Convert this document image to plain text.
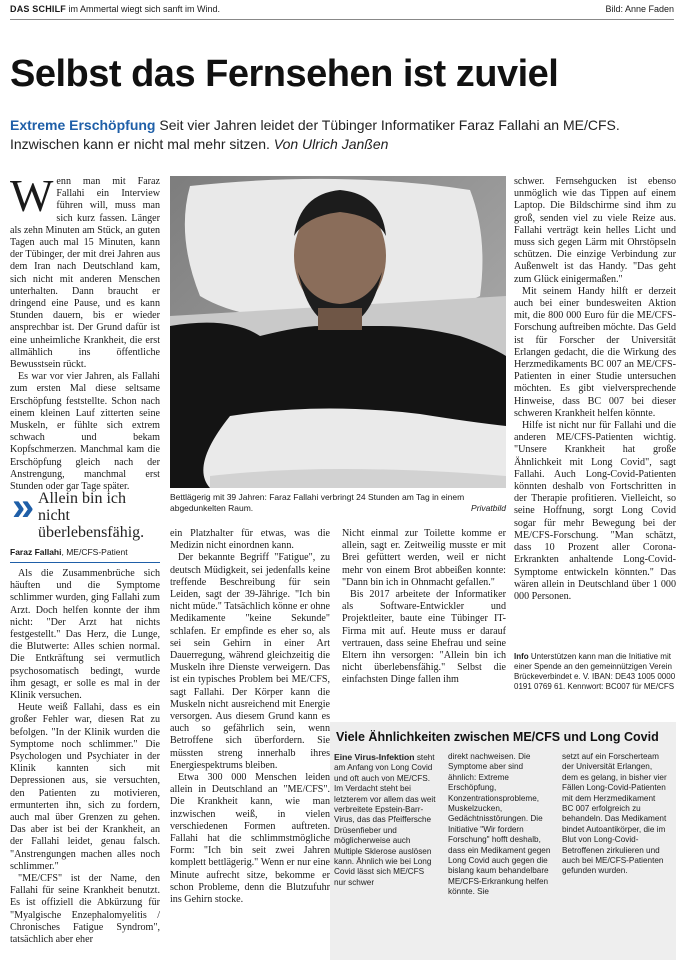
DAS SCHILF im Ammertal wiegt sich sanft im Wind.	Bild: Anne Faden
Selbst das Fernsehen ist zuviel
Extreme Erschöpfung Seit vier Jahren leidet der Tübinger Informatiker Faraz Fallahi an ME/CFS. Inzwischen kann er nicht mal mehr sitzen. Von Ulrich Janßen

Wenn man mit Faraz Fallahi ein Interview führen will, muss man sich kurz fassen. Länger als zehn Minuten am Stück, an guten Tagen auch mal 15 Minuten, kann der Tübinger, der mit drei Jahren aus dem Iran nach Deutschland kam, sich nicht mit anderen Menschen unterhalten. Dann braucht er dringend eine Pause, und es kann Stunden dauern, bis er wieder ansprechbar ist. Der Grund dafür ist eine unheimliche Krankheit, die erst allmählich ins öffentliche Bewusstsein rückt.

Es war vor vier Jahren, als Fallahi zum ersten Mal diese seltsame Erschöpfung feststellte. Schon nach einem kleinen Lauf zitterten seine Muskeln, er fühlte sich extrem schwach und bekam Kopfschmerzen. Manchmal kam die Erschöpfung gleich nach der Anstrengung, manchmal erst Stunden oder gar Tage später.

» Allein bin ich nicht überlebensfähig.
Faraz Fallahi, ME/CFS-Patient

Als die Zusammenbrüche sich häuften und die Symptome schlimmer wurden, ging Fallahi zum Arzt. Doch helfen konnte der ihm nicht: "Der Arzt hat nichts festgestellt." Das Herz, die Lunge, die Blutwerte: Alles schien normal. Die Entkräftung sei vermutlich psychosomatisch bedingt, wurde ihm gesagt, er solle es mal in der Klinik versuchen.

Heute weiß Fallahi, dass es ein großer Fehler war, diesen Rat zu befolgen. "In der Klinik wurden die Symptome noch schlimmer." Die Psychologen und Psychiater in der Klinik kannten sich mit Depressionen aus, sie versuchten, den Patienten zu motivieren, ermunterten ihn, sich zu fordern, auch mal über Grenzen zu gehen. Das aber ist bei der Krankheit, an der Fallahi leidet, genau falsch. "Anstrengungen machen alles noch schlimmer."

"ME/CFS" ist der Name, den Fallahi für seine Krankheit benutzt. Es ist offiziell die Abkürzung für "Myalgische Enzephalomyelitis / Chronisches Fatigue Syndrom", tatsächlich aber eher

Bettlägerig mit 39 Jahren: Faraz Fallahi verbringt 24 Stunden am Tag in einem abgedunkelten Raum.	Privatbild

ein Platzhalter für etwas, was die Medizin nicht einordnen kann.

Der bekannte Begriff "Fatigue", zu deutsch Müdigkeit, sei jedenfalls keine treffende Beschreibung für sein Leiden, sagt der 39-Jährige. "Ich bin nicht müde." Tatsächlich könne er ohne Medikamente "keine Sekunde" schlafen. Er empfinde es eher so, als sei sein Gehirn in einer Art Dauerregung, während gleichzeitig die Muskeln ihre Dienste verweigern. Das ist ein typisches Problem bei ME/CFS, sagt Fallahi. Der Körper kann die Muskeln nicht ausreichend mit Energie versorgen. Aus diesem Grund kann es auch so gefährlich sein, wenn Betroffene sich überfordern. Sie müssten streng innerhalb ihres Energiespektrums bleiben.

Etwa 300 000 Menschen leiden allein in Deutschland an "ME/CFS". Die Krankheit kann, wie man inzwischen weiß, in vielen verschiedenen Formen auftreten. Fallahi hat die schlimmstmögliche Form: "Ich bin seit zwei Jahren komplett bettlägerig." Wenn er nur eine Minute aufrecht sitze, bekomme er schon Probleme, denn die Blutzufuhr ins Gehirn stocke.

Nicht einmal zur Toilette komme er allein, sagt er. Zeitweilig musste er mit Brei gefüttert werden, weil er nicht mehr von einem Brot abbeißen konnte: "Dann bin ich in Ohnmacht gefallen."

Bis 2017 arbeitete der Informatiker als Software-Entwickler und Projektleiter, baute eine Tübinger IT-Firma mit auf. Heute muss er darauf vertrauen, dass seine Ehefrau und seine Eltern ihn versorgen: "Allein bin ich nicht überlebensfähig." Selbst die einfachsten Dinge fallen ihm

schwer. Fernsehgucken ist ebenso unmöglich wie das Tippen auf einem Laptop. Die Bildschirme sind ihm zu groß, senden viel zu viele Reize aus. Fallahi verträgt kein helles Licht und muss sich gegen Lärm mit Ohrstöpseln schützen. Die einzige Verbindung zur Außenwelt ist das Handy. "Das geht zum Glück einigermaßen."

Mit seinem Handy hilft er derzeit auch bei einer bundesweiten Aktion mit, die 800 000 Euro für die ME/CFS-Forschung auftreiben möchte. Das Geld ist für Forscher der Universität Erlangen gedacht, die die Wirkung des Herzmedikaments BC 007 an ME/CFS-Patienten in einer Studie untersuchen möchten. Es gibt vielversprechende Hinweise, dass BC 007 bei dieser schweren Krankheit helfen könnte.

Hilfe ist nicht nur für Fallahi und die anderen ME/CFS-Patienten wichtig. "Unsere Krankheit hat große Ähnlichkeit mit Long Covid", sagt Fallahi. Auch Long-Covid-Patienten könnten deshalb von Fortschritten in der Therapie profitieren. Vielleicht, so seine Hoffnung, sorgt Long Covid sogar für mehr Bewegung bei der ME/CFS-Forschung. "Man schätzt, dass 10 Prozent aller Corona-Erkrankten anhaltende Long-Covid-Symptome entwickeln könnten." Das wären allein in Deutschland über 1 000 000 Personen.

Info Unterstützen kann man die Initiative mit einer Spende an den gemeinnützigen Verein Brückeverbindet e. V. IBAN: DE43 1005 0000 0191 0769 61. Kennwort: BC007 für ME/CFS
Viele Ähnlichkeiten zwischen ME/CFS und Long Covid
Eine Virus-Infektion steht am Anfang von Long Covid und oft auch von ME/CFS. Im Verdacht steht bei letzterem vor allem das weit verbreitete Epstein-Barr-Virus, das das Pfeiffersche Drüsenfieber und möglicherweise auch Multiple Sklerose auslösen kann. Ähnlich wie bei Long Covid lässt sich ME/CFS nur schwer
direkt nachweisen. Die Symptome aber sind ähnlich: Extreme Erschöpfung, Konzentrationsprobleme, Muskelzucken, Gedächtnisstörungen. Die Initiative "Wir fordern Forschung" hofft deshalb, dass ein Medikament gegen Long Covid auch gegen die bislang kaum behandelbare ME/CFS-Erkrankung helfen könnte. Sie
setzt auf ein Forscherteam der Universität Erlangen, dem es gelang, in bisher vier Fällen Long-Covid-Patienten mit dem Herzmedikament BC 007 erfolgreich zu behandeln. Das Medikament bindet Autoantikörper, die im Blut von Long-Covid-Betroffenen zirkulieren und auch bei ME/CFS-Patienten gefunden wurden.
